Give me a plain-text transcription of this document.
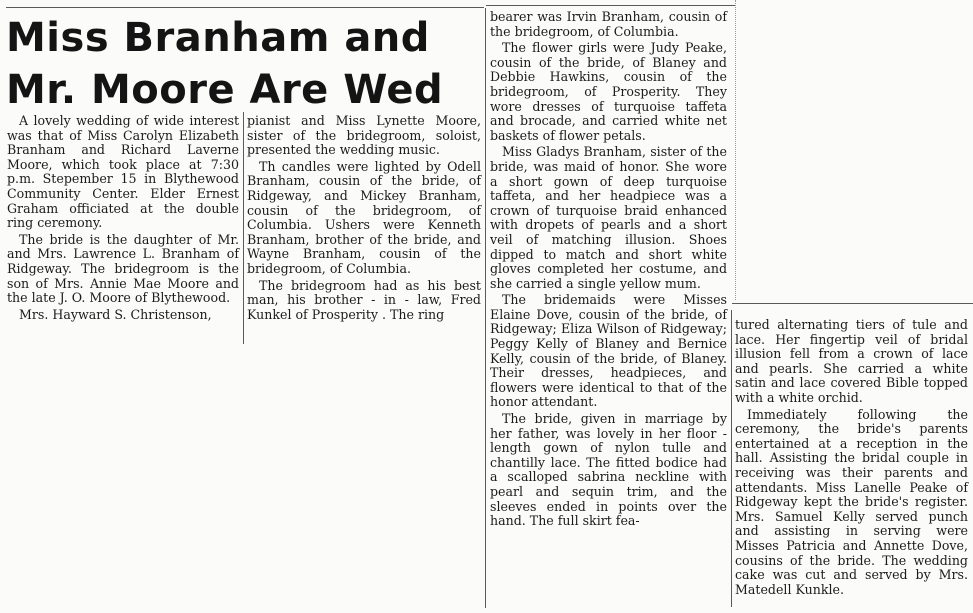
Miss Branham and
Mr. Moore Are Wed

A lovely wedding of wide interest was that of Miss Carolyn Elizabeth Branham and Richard Laverne Moore, which took place at 7:30 p.m. Stepember 15 in Blythewood Community Center. Elder Ernest Graham officiated at the double ring ceremony.

The bride is the daughter of Mr. and Mrs. Lawrence L. Branham of Ridgeway. The bridegroom is the son of Mrs. Annie Mae Moore and the late J. O. Moore of Blythewood.

Mrs. Hayward S. Christenson,

pianist and Miss Lynette Moore, sister of the bridegroom, soloist, presented the wedding music.

Th candles were lighted by Odell Branham, cousin of the bride, of Ridgeway, and Mickey Branham, cousin of the bridegroom, of Columbia. Ushers were Kenneth Branham, brother of the bride, and Wayne Branham, cousin of the bridegroom, of Columbia.

The bridegroom had as his best man, his brother - in - law, Fred Kunkel of Prosperity . The ring

bearer was Irvin Branham, cousin of the bridegroom, of Columbia.

The flower girls were Judy Peake, cousin of the bride, of Blaney and Debbie Hawkins, cousin of the bridegroom, of Prosperity. They wore dresses of turquoise taffeta and brocade, and carried white net baskets of flower petals.

Miss Gladys Branham, sister of the bride, was maid of honor. She wore a short gown of deep turquoise taffeta, and her headpiece was a crown of turquoise braid enhanced with dropets of pearls and a short veil of matching illusion. Shoes dipped to match and short white gloves completed her costume, and she carried a single yellow mum.

The bridemaids were Misses Elaine Dove, cousin of the bride, of Ridgeway; Eliza Wilson of Ridgeway; Peggy Kelly of Blaney and Bernice Kelly, cousin of the bride, of Blaney. Their dresses, headpieces, and flowers were identical to that of the honor attendant.

The bride, given in marriage by her father, was lovely in her floor - length gown of nylon tulle and chantilly lace. The fitted bodice had a scalloped sabrina neckline with pearl and sequin trim, and the sleeves ended in points over the hand. The full skirt fea-

tured alternating tiers of tule and lace. Her fingertip veil of bridal illusion fell from a crown of lace and pearls. She carried a white satin and lace covered Bible topped with a white orchid.

Immediately following the ceremony, the bride's parents entertained at a reception in the hall. Assisting the bridal couple in receiving was their parents and attendants. Miss Lanelle Peake of Ridgeway kept the bride's register. Mrs. Samuel Kelly served punch and assisting in serving were Misses Patricia and Annette Dove, cousins of the bride. The wedding cake was cut and served by Mrs. Matedell Kunkle.
